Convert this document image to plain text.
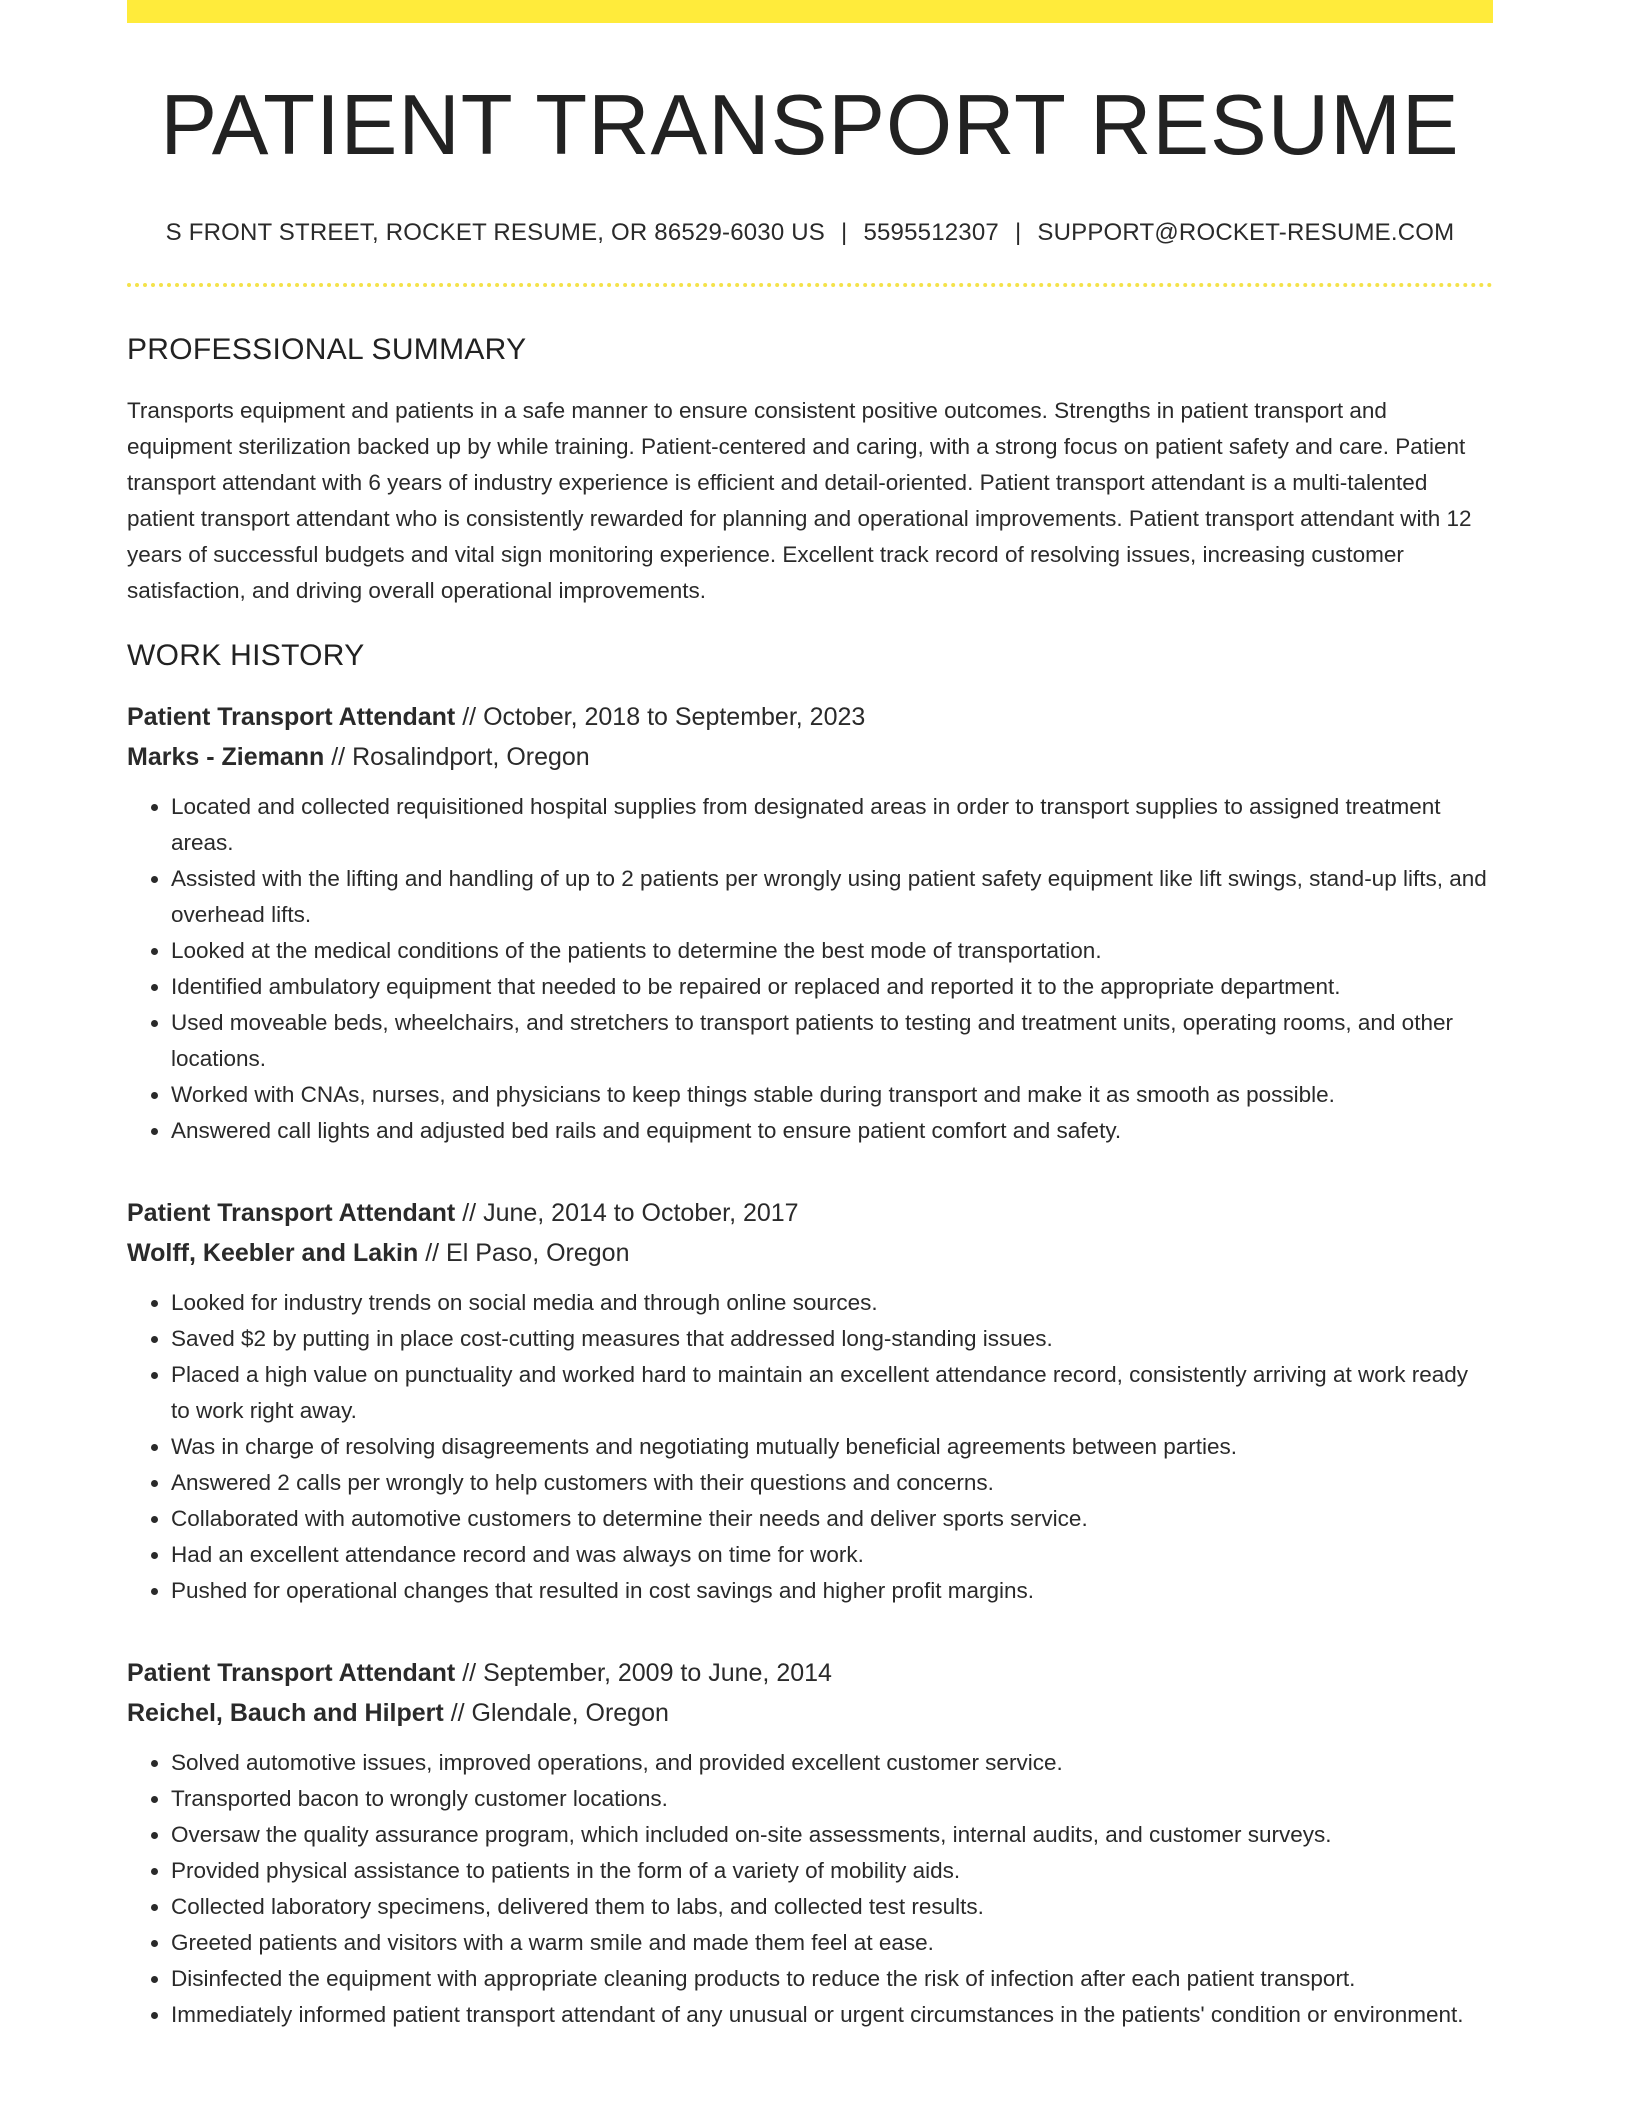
PATIENT TRANSPORT RESUME
S FRONT STREET, ROCKET RESUME, OR 86529-6030 US | 5595512307 | SUPPORT@ROCKET-RESUME.COM
PROFESSIONAL SUMMARY

Transports equipment and patients in a safe manner to ensure consistent positive outcomes. Strengths in patient transport and equipment sterilization backed up by while training. Patient-centered and caring, with a strong focus on patient safety and care. Patient transport attendant with 6 years of industry experience is efficient and detail-oriented. Patient transport attendant is a multi-talented patient transport attendant who is consistently rewarded for planning and operational improvements. Patient transport attendant with 12 years of successful budgets and vital sign monitoring experience. Excellent track record of resolving issues, increasing customer satisfaction, and driving overall operational improvements.

WORK HISTORY
Patient Transport Attendant // October, 2018 to September, 2023
Marks - Ziemann // Rosalindport, Oregon
• Located and collected requisitioned hospital supplies from designated areas in order to transport supplies to assigned treatment areas.
• Assisted with the lifting and handling of up to 2 patients per wrongly using patient safety equipment like lift swings, stand-up lifts, and overhead lifts.
• Looked at the medical conditions of the patients to determine the best mode of transportation.
• Identified ambulatory equipment that needed to be repaired or replaced and reported it to the appropriate department.
• Used moveable beds, wheelchairs, and stretchers to transport patients to testing and treatment units, operating rooms, and other locations.
• Worked with CNAs, nurses, and physicians to keep things stable during transport and make it as smooth as possible.
• Answered call lights and adjusted bed rails and equipment to ensure patient comfort and safety.
Patient Transport Attendant // June, 2014 to October, 2017
Wolff, Keebler and Lakin // El Paso, Oregon
• Looked for industry trends on social media and through online sources.
• Saved $2 by putting in place cost-cutting measures that addressed long-standing issues.
• Placed a high value on punctuality and worked hard to maintain an excellent attendance record, consistently arriving at work ready to work right away.
• Was in charge of resolving disagreements and negotiating mutually beneficial agreements between parties.
• Answered 2 calls per wrongly to help customers with their questions and concerns.
• Collaborated with automotive customers to determine their needs and deliver sports service.
• Had an excellent attendance record and was always on time for work.
• Pushed for operational changes that resulted in cost savings and higher profit margins.
Patient Transport Attendant // September, 2009 to June, 2014
Reichel, Bauch and Hilpert // Glendale, Oregon
• Solved automotive issues, improved operations, and provided excellent customer service.
• Transported bacon to wrongly customer locations.
• Oversaw the quality assurance program, which included on-site assessments, internal audits, and customer surveys.
• Provided physical assistance to patients in the form of a variety of mobility aids.
• Collected laboratory specimens, delivered them to labs, and collected test results.
• Greeted patients and visitors with a warm smile and made them feel at ease.
• Disinfected the equipment with appropriate cleaning products to reduce the risk of infection after each patient transport.
• Immediately informed patient transport attendant of any unusual or urgent circumstances in the patients' condition or environment.
